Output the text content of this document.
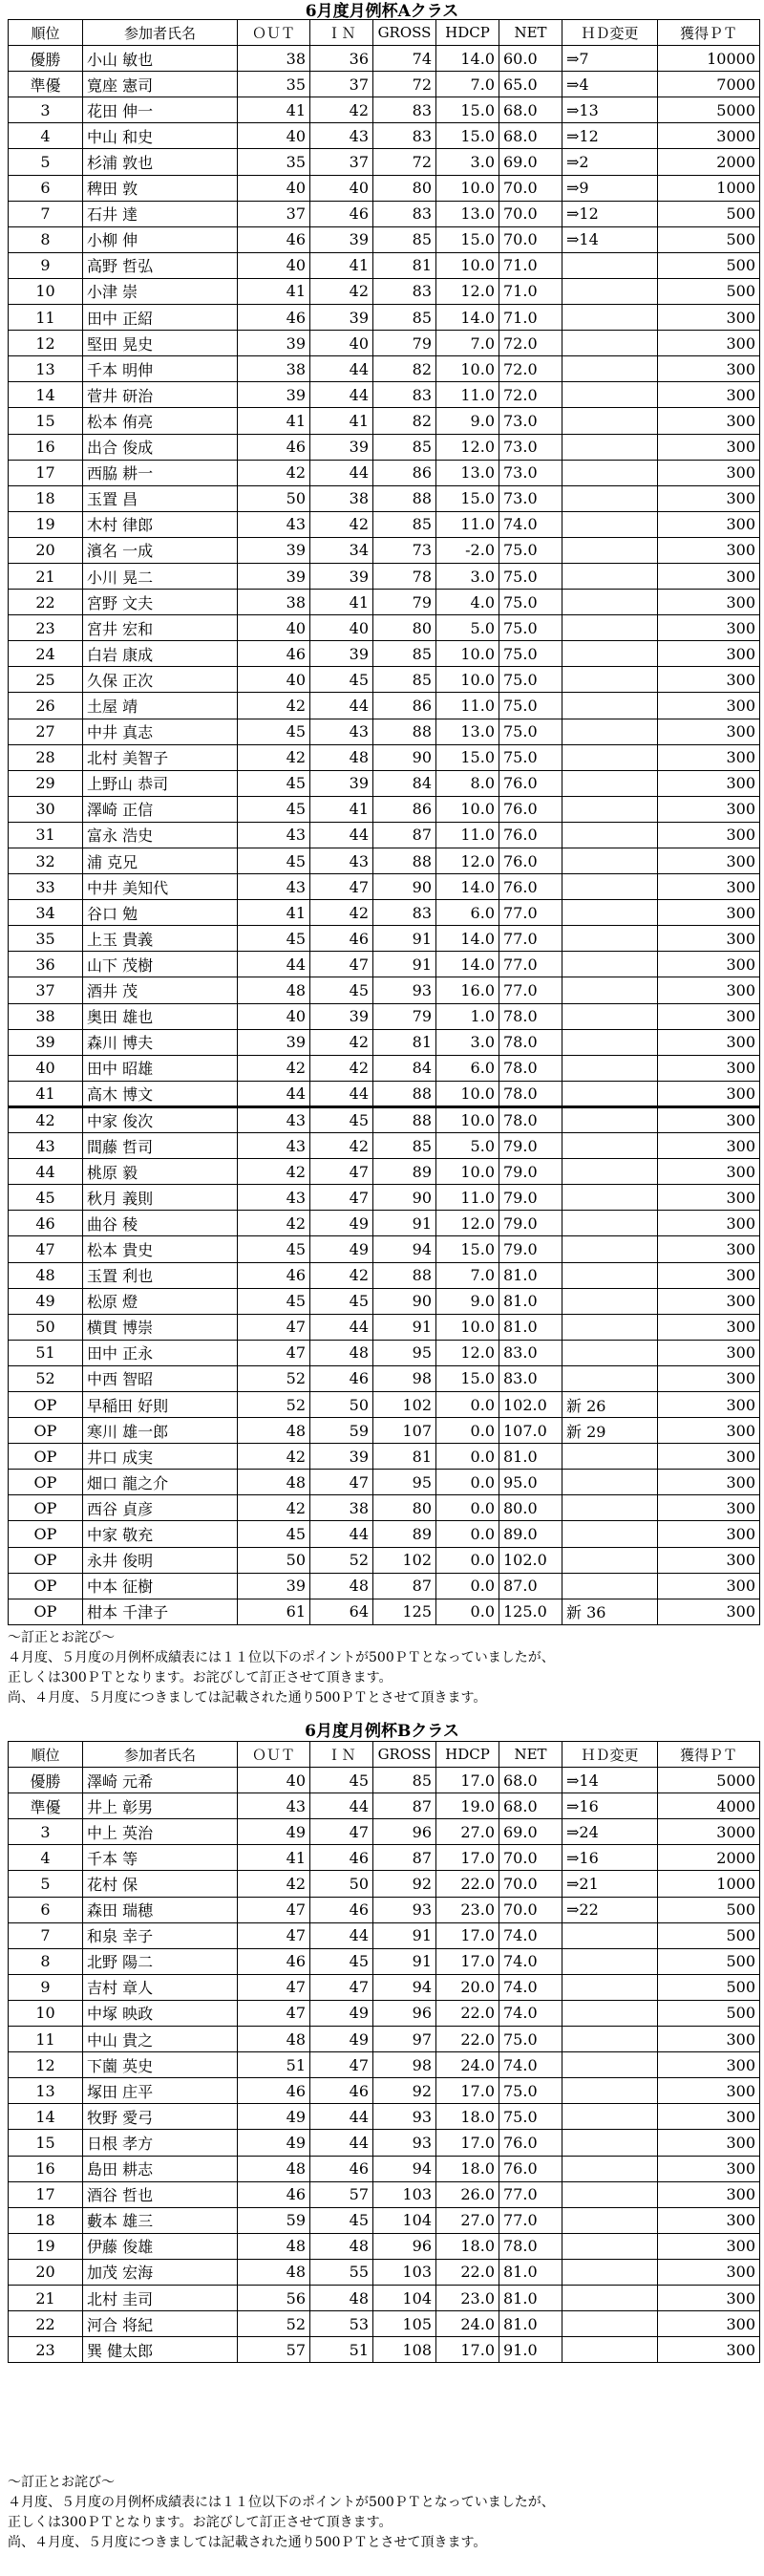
6月度月例杯Aクラス
順位	参加者氏名	ＯＵＴ	ＩＮ	GROSS	HDCP	NET	ＨＤ変更	獲得ＰＴ
優勝	小山 敏也	38	36	74	14.0	60.0	⇒7	10000
準優	寛座 憲司	35	37	72	7.0	65.0	⇒4	7000
3	花田 伸一	41	42	83	15.0	68.0	⇒13	5000
4	中山 和史	40	43	83	15.0	68.0	⇒12	3000
5	杉浦 敦也	35	37	72	3.0	69.0	⇒2	2000
6	稗田 敦	40	40	80	10.0	70.0	⇒9	1000
7	石井 達	37	46	83	13.0	70.0	⇒12	500
8	小柳 伸	46	39	85	15.0	70.0	⇒14	500
9	高野 哲弘	40	41	81	10.0	71.0		500
10	小津 崇	41	42	83	12.0	71.0		500
11	田中 正紹	46	39	85	14.0	71.0		300
12	堅田 晃史	39	40	79	7.0	72.0		300
13	千本 明伸	38	44	82	10.0	72.0		300
14	菅井 研治	39	44	83	11.0	72.0		300
15	松本 侑亮	41	41	82	9.0	73.0		300
16	出合 俊成	46	39	85	12.0	73.0		300
17	西脇 耕一	42	44	86	13.0	73.0		300
18	玉置 昌	50	38	88	15.0	73.0		300
19	木村 律郎	43	42	85	11.0	74.0		300
20	濱名 一成	39	34	73	-2.0	75.0		300
21	小川 晃二	39	39	78	3.0	75.0		300
22	宮野 文夫	38	41	79	4.0	75.0		300
23	宮井 宏和	40	40	80	5.0	75.0		300
24	白岩 康成	46	39	85	10.0	75.0		300
25	久保 正次	40	45	85	10.0	75.0		300
26	土屋 靖	42	44	86	11.0	75.0		300
27	中井 真志	45	43	88	13.0	75.0		300
28	北村 美智子	42	48	90	15.0	75.0		300
29	上野山 恭司	45	39	84	8.0	76.0		300
30	澤崎 正信	45	41	86	10.0	76.0		300
31	富永 浩史	43	44	87	11.0	76.0		300
32	浦 克兄	45	43	88	12.0	76.0		300
33	中井 美知代	43	47	90	14.0	76.0		300
34	谷口 勉	41	42	83	6.0	77.0		300
35	上玉 貴義	45	46	91	14.0	77.0		300
36	山下 茂樹	44	47	91	14.0	77.0		300
37	酒井 茂	48	45	93	16.0	77.0		300
38	奥田 雄也	40	39	79	1.0	78.0		300
39	森川 博夫	39	42	81	3.0	78.0		300
40	田中 昭雄	42	42	84	6.0	78.0		300
41	高木 博文	44	44	88	10.0	78.0		300
42	中家 俊次	43	45	88	10.0	78.0		300
43	間藤 哲司	43	42	85	5.0	79.0		300
44	桃原 毅	42	47	89	10.0	79.0		300
45	秋月 義則	43	47	90	11.0	79.0		300
46	曲谷 稜	42	49	91	12.0	79.0		300
47	松本 貴史	45	49	94	15.0	79.0		300
48	玉置 利也	46	42	88	7.0	81.0		300
49	松原 燈	45	45	90	9.0	81.0		300
50	横貫 博崇	47	44	91	10.0	81.0		300
51	田中 正永	47	48	95	12.0	83.0		300
52	中西 智昭	52	46	98	15.0	83.0		300
OP	早稲田 好則	52	50	102	0.0	102.0	新 26	300
OP	寒川 雄一郎	48	59	107	0.0	107.0	新 29	300
OP	井口 成実	42	39	81	0.0	81.0		300
OP	畑口 龍之介	48	47	95	0.0	95.0		300
OP	西谷 貞彦	42	38	80	0.0	80.0		300
OP	中家 敬充	45	44	89	0.0	89.0		300
OP	永井 俊明	50	52	102	0.0	102.0		300
OP	中本 征樹	39	48	87	0.0	87.0		300
OP	柑本 千津子	61	64	125	0.0	125.0	新 36	300
～訂正とお詫び～
４月度、５月度の月例杯成績表には１１位以下のポイントが500ＰＴとなっていましたが、
正しくは300ＰＴとなります。お詫びして訂正させて頂きます。
尚、４月度、５月度につきましては記載された通り500ＰＴとさせて頂きます。
6月度月例杯Bクラス
順位	参加者氏名	ＯＵＴ	ＩＮ	GROSS	HDCP	NET	ＨＤ変更	獲得ＰＴ
優勝	澤崎 元希	40	45	85	17.0	68.0	⇒14	5000
準優	井上 彰男	43	44	87	19.0	68.0	⇒16	4000
3	中上 英治	49	47	96	27.0	69.0	⇒24	3000
4	千本 等	41	46	87	17.0	70.0	⇒16	2000
5	花村 保	42	50	92	22.0	70.0	⇒21	1000
6	森田 瑞穂	47	46	93	23.0	70.0	⇒22	500
7	和泉 幸子	47	44	91	17.0	74.0		500
8	北野 陽二	46	45	91	17.0	74.0		500
9	吉村 章人	47	47	94	20.0	74.0		500
10	中塚 映政	47	49	96	22.0	74.0		500
11	中山 貴之	48	49	97	22.0	75.0		300
12	下薗 英史	51	47	98	24.0	74.0		300
13	塚田 庄平	46	46	92	17.0	75.0		300
14	牧野 愛弓	49	44	93	18.0	75.0		300
15	日根 孝方	49	44	93	17.0	76.0		300
16	島田 耕志	48	46	94	18.0	76.0		300
17	酒谷 哲也	46	57	103	26.0	77.0		300
18	藪本 雄三	59	45	104	27.0	77.0		300
19	伊藤 俊雄	48	48	96	18.0	78.0		300
20	加茂 宏海	48	55	103	22.0	81.0		300
21	北村 圭司	56	48	104	23.0	81.0		300
22	河合 将紀	52	53	105	24.0	81.0		300
23	巽 健太郎	57	51	108	17.0	91.0		300
～訂正とお詫び～
４月度、５月度の月例杯成績表には１１位以下のポイントが500ＰＴとなっていましたが、
正しくは300ＰＴとなります。お詫びして訂正させて頂きます。
尚、４月度、５月度につきましては記載された通り500ＰＴとさせて頂きます。
